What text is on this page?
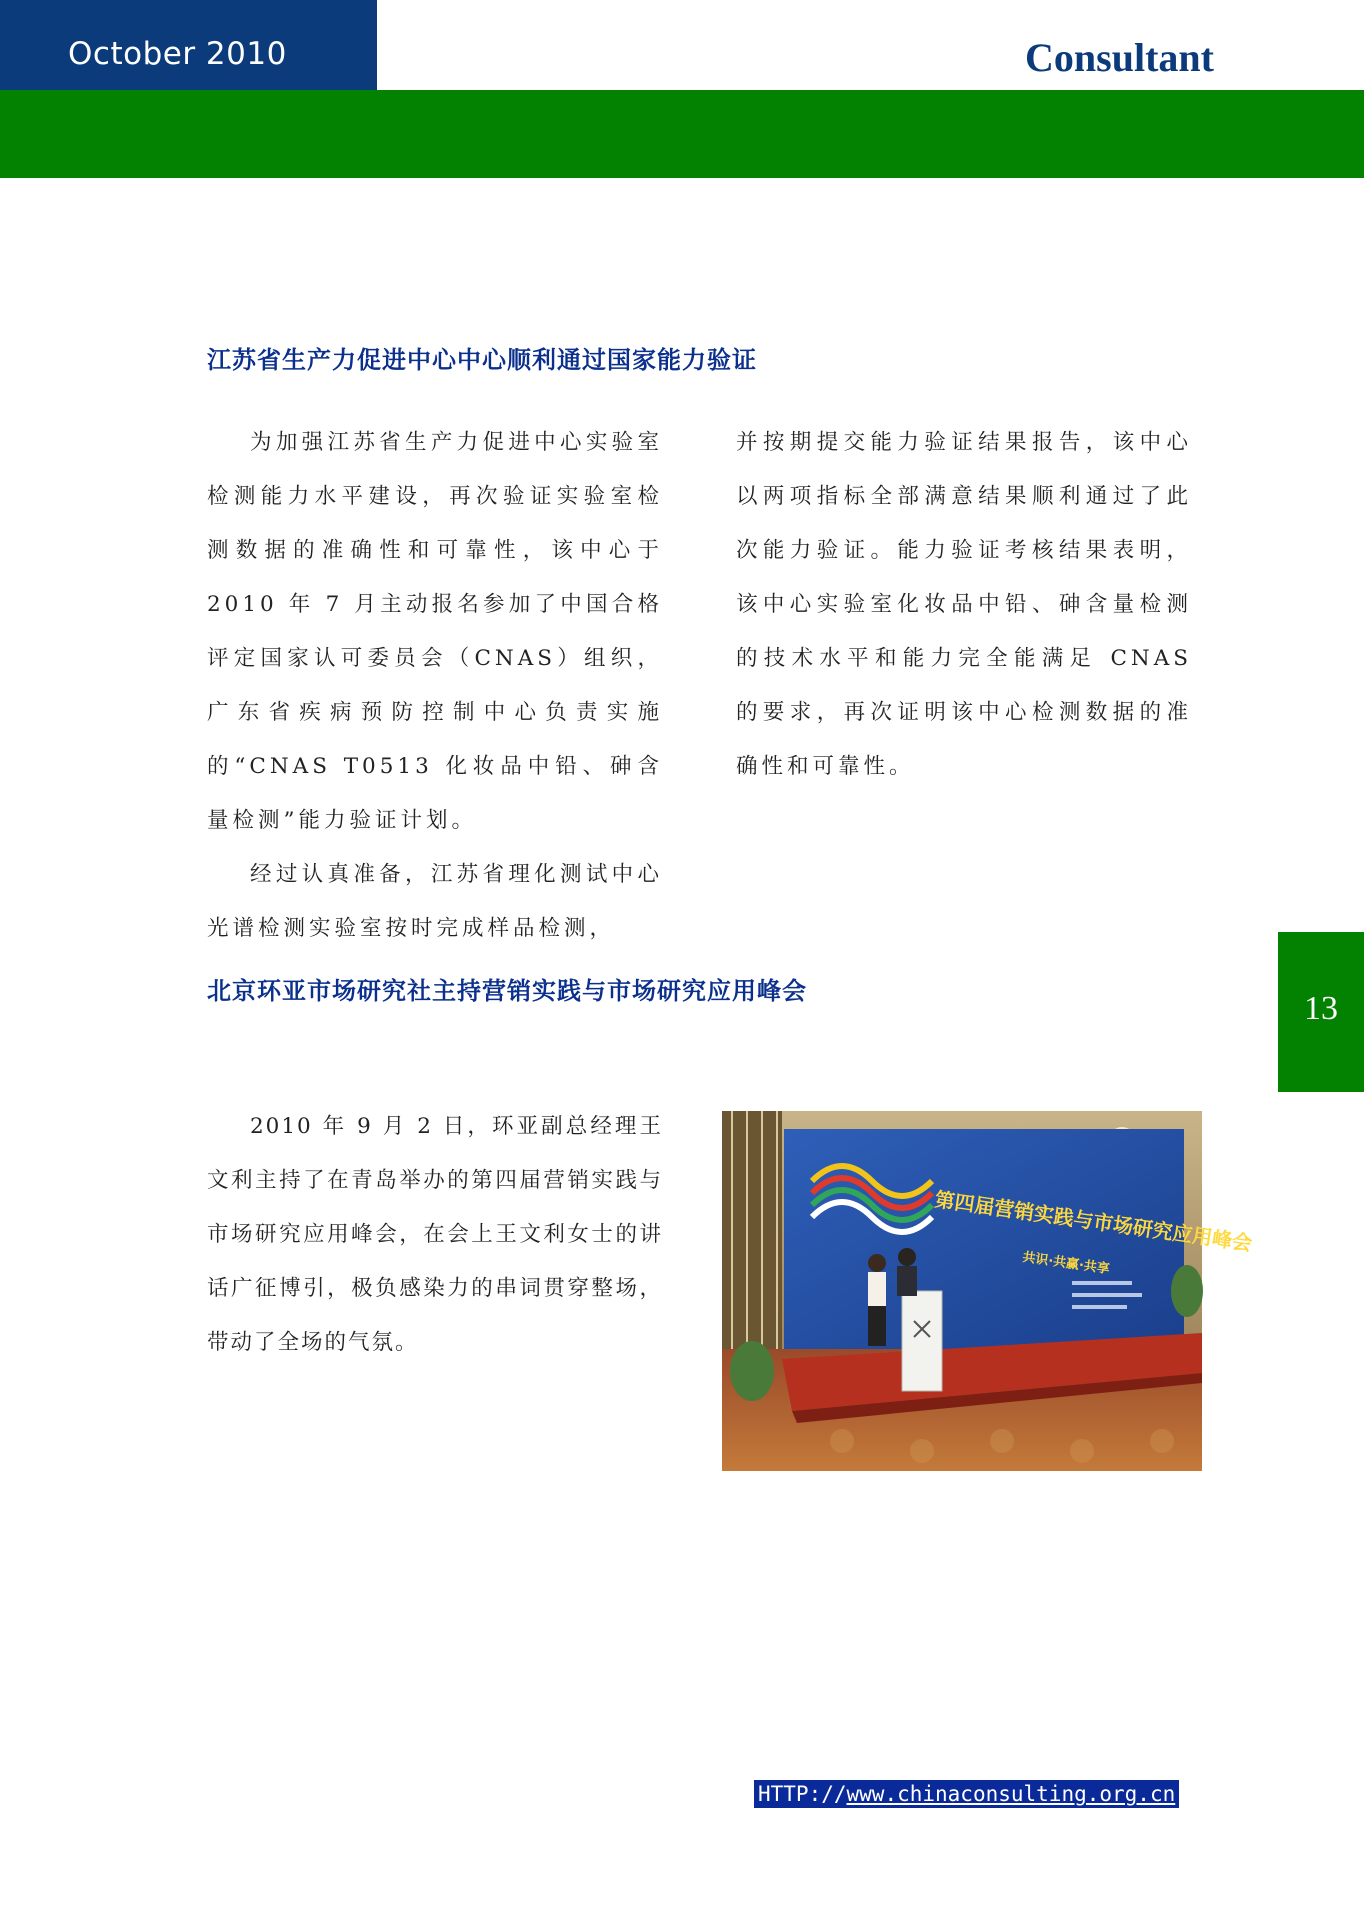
October 2010	Consultant
13
江苏省生产力促进中心中心顺利通过国家能力验证

为加强江苏省生产力促进中心实验室检测能力水平建设，再次验证实验室检测数据的准确性和可靠性，该中心于 2010 年 7 月主动报名参加了中国合格评定国家认可委员会（CNAS）组织，广东省疾病预防控制中心负责实施的“CNAS T0513 化妆品中铅、砷含量检测”能力验证计划。

经过认真准备，江苏省理化测试中心光谱检测实验室按时完成样品检测，

并按期提交能力验证结果报告，该中心以两项指标全部满意结果顺利通过了此次能力验证。能力验证考核结果表明，该中心实验室化妆品中铅、砷含量检测的技术水平和能力完全能满足 CNAS 的要求，再次证明该中心检测数据的准确性和可靠性。

北京环亚市场研究社主持营销实践与市场研究应用峰会

2010 年 9 月 2 日，环亚副总经理王文利主持了在青岛举办的第四届营销实践与市场研究应用峰会，在会上王文利女士的讲话广征博引，极负感染力的串词贯穿整场，带动了全场的气氛。

第四届营销实践与市场研究应用峰会
共识·共赢·共享
HTTP://www.chinaconsulting.org.cn
